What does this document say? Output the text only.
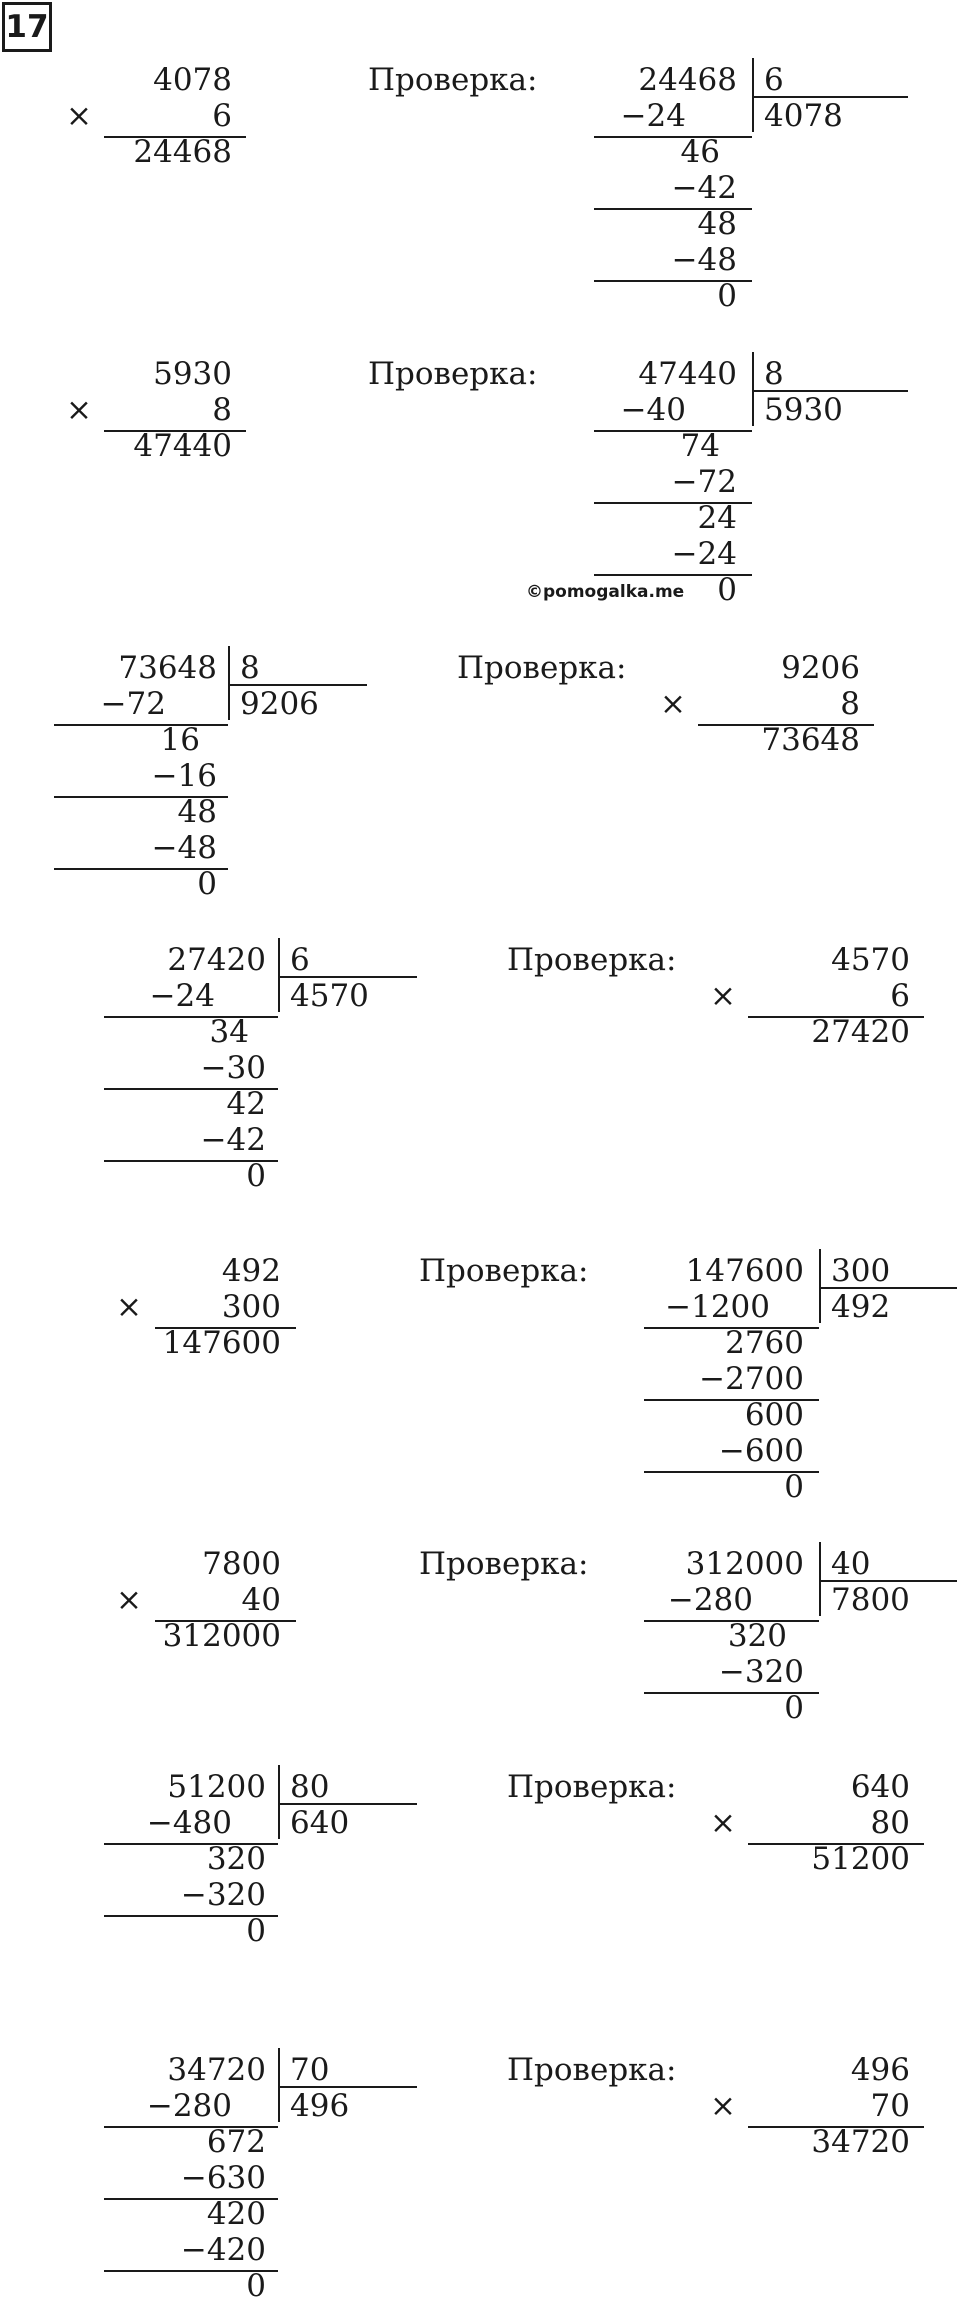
17
©pomogalka.me
4078
6
×
24468
5930
8
×
47440
9206
8
×
73648
4570
6
×
27420
492
300
×
147600
7800
40
×
312000
640
80
×
51200
496
70
×
34720
24468 6
4078
−24
46
−42
48
−48
0
47440 8
5930
−40
74
−72
24
−24
0
73648 8
9206
−72
16
−16
48
−48
0
27420 6
4570
−24
34
−30
42
−42
0
147600 300
492
−1200
2760
−2700
600
−600
0
312000 40
7800
−280
320
−320
0
51200 80
640
−480
320
−320
0
34720 70
496
−280
672
−630
420
−420
0
Проверка:
Проверка:
Проверка:
Проверка:
Проверка:
Проверка:
Проверка:
Проверка:
